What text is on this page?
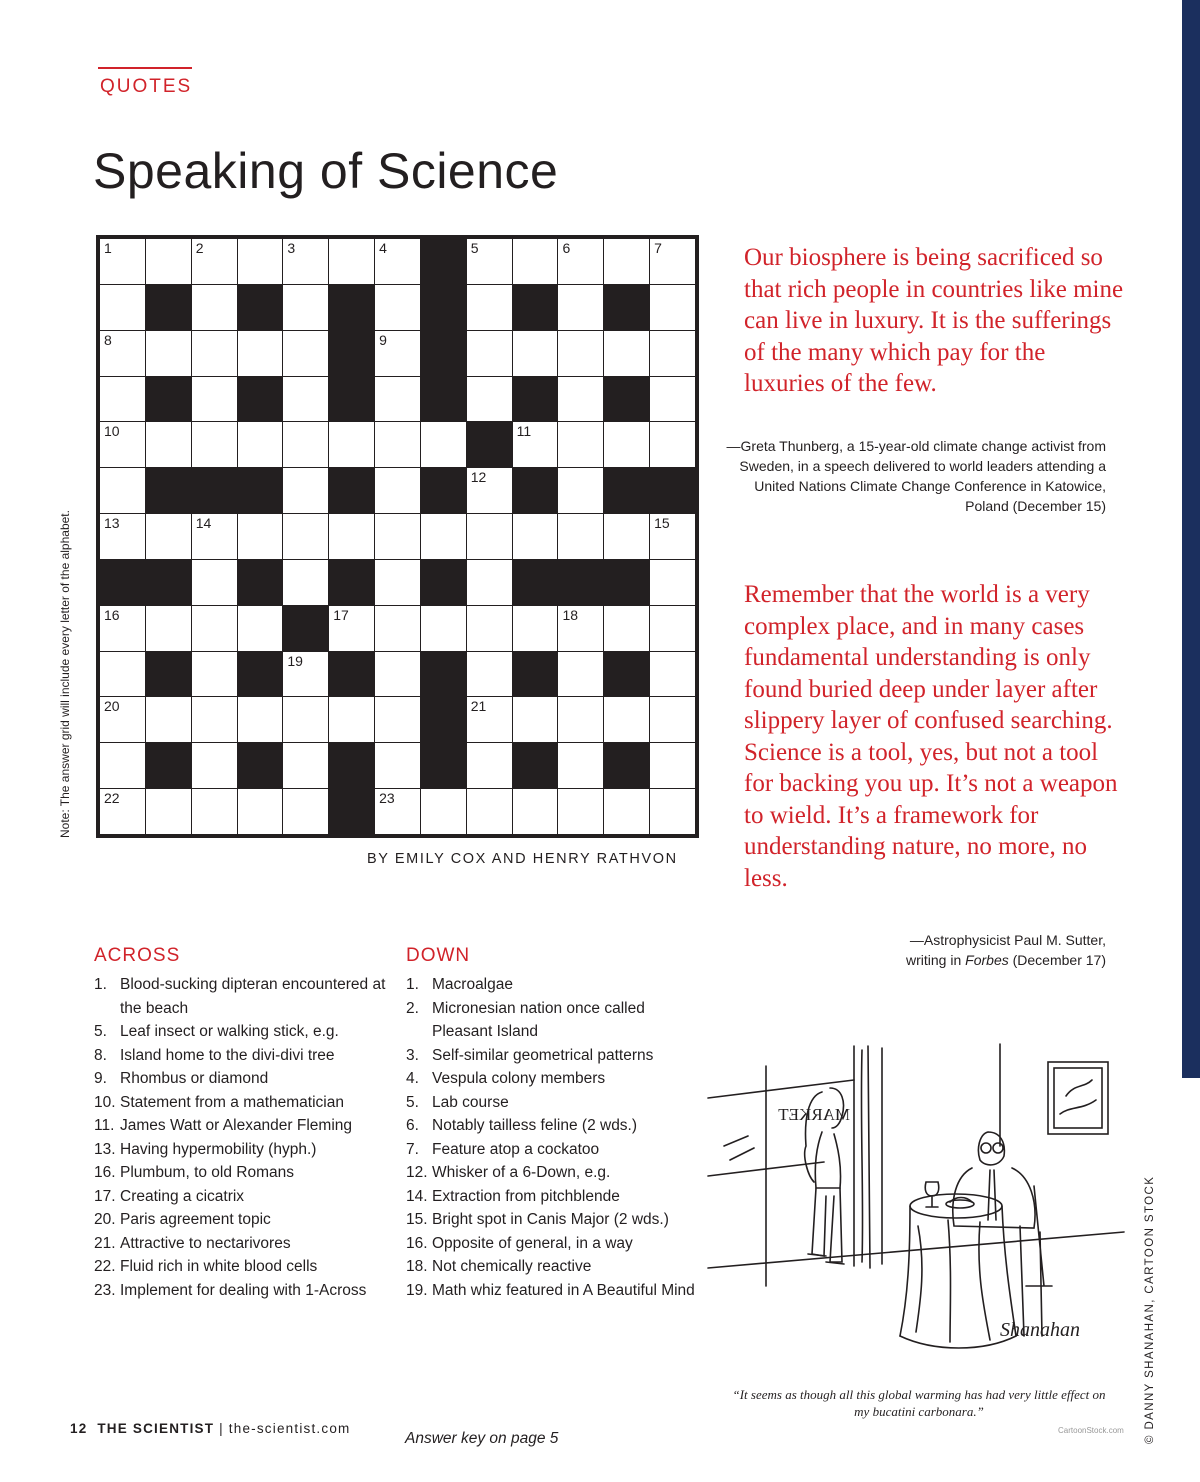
QUOTES
Speaking of Science
Note: The answer grid will include every letter of the alphabet.
1	2	3	4	5	6	7
8	9
10	11
12
13	14	15
16	17	18
19
20	21
22	23
BY EMILY COX AND HENRY RATHVON
ACROSS
1. Blood-sucking dipteran encountered at the beach
5. Leaf insect or walking stick, e.g.
8. Island home to the divi-divi tree
9. Rhombus or diamond
10. Statement from a mathematician
11. James Watt or Alexander Fleming
13. Having hypermobility (hyph.)
16. Plumbum, to old Romans
17. Creating a cicatrix
20. Paris agreement topic
21. Attractive to nectarivores
22. Fluid rich in white blood cells
23. Implement for dealing with 1-Across
DOWN
1. Macroalgae
2. Micronesian nation once called Pleasant Island
3. Self-similar geometrical patterns
4. Vespula colony members
5. Lab course
6. Notably tailless feline (2 wds.)
7. Feature atop a cockatoo
12. Whisker of a 6-Down, e.g.
14. Extraction from pitchblende
15. Bright spot in Canis Major (2 wds.)
16. Opposite of general, in a way
18. Not chemically reactive
19. Math whiz featured in A Beautiful Mind
Answer key on page 5
Our biosphere is being sacrificed so that rich people in countries like mine can live in luxury. It is the sufferings of the many which pay for the luxuries of the few.
—Greta Thunberg, a 15-year-old climate change activist from Sweden, in a speech delivered to world leaders attending a United Nations Climate Change Conference in Katowice, Poland (December 15)
Remember that the world is a very complex place, and in many cases fundamental understanding is only found buried deep under layer after slippery layer of confused searching. Science is a tool, yes, but not a tool for backing you up. It’s not a weapon to wield. It’s a framework for understanding nature, no more, no less.
—Astrophysicist Paul M. Sutter,
writing in Forbes (December 17)
MARKET
Shanahan
“It seems as though all this global warming has had very little effect on my bucatini carbonara.”
CartoonStock.com © DANNY SHANAHAN, CARTOON STOCK
12 THE SCIENTIST | the-scientist.com
